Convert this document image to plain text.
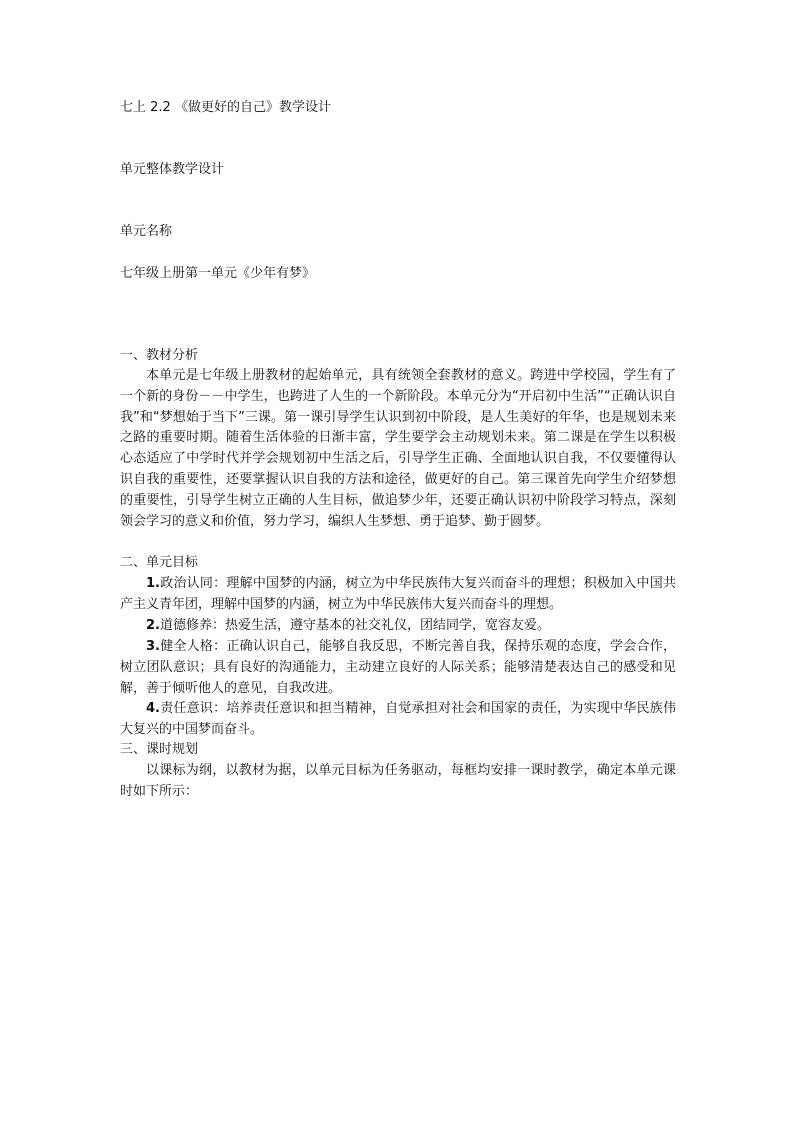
七上 2.2 《做更好的自己》教学设计
单元整体教学设计
单元名称
七年级上册第一单元《少年有梦》
一、教材分析

本单元是七年级上册教材的起始单元，具有统领全套教材的意义。跨进中学校园，学生有了一个新的身份－－中学生，也跨进了人生的一个新阶段。本单元分为“开启初中生活”“正确认识自我”和“梦想始于当下”三课。第一课引导学生认识到初中阶段，是人生美好的年华，也是规划未来之路的重要时期。随着生活体验的日渐丰富，学生要学会主动规划未来。第二课是在学生以积极心态适应了中学时代并学会规划初中生活之后，引导学生正确、全面地认识自我，不仅要懂得认识自我的重要性，还要掌握认识自我的方法和途径，做更好的自己。第三课首先向学生介绍梦想的重要性，引导学生树立正确的人生目标，做追梦少年，还要正确认识初中阶段学习特点，深刻领会学习的意义和价值，努力学习，编织人生梦想、勇于追梦、勤于圆梦。

二、单元目标

1.政治认同：理解中国梦的内涵，树立为中华民族伟大复兴而奋斗的理想；积极加入中国共产主义青年团，理解中国梦的内涵，树立为中华民族伟大复兴而奋斗的理想。

2.道德修养：热爱生活，遵守基本的社交礼仪，团结同学，宽容友爱。

3.健全人格：正确认识自己，能够自我反思，不断完善自我，保持乐观的态度，学会合作，树立团队意识；具有良好的沟通能力，主动建立良好的人际关系；能够清楚表达自己的感受和见解，善于倾听他人的意见，自我改进。

4.责任意识：培养责任意识和担当精神，自觉承担对社会和国家的责任，为实现中华民族伟大复兴的中国梦而奋斗。

三、课时规划

以课标为纲，以教材为据，以单元目标为任务驱动，每框均安排一课时教学，确定本单元课时如下所示：
